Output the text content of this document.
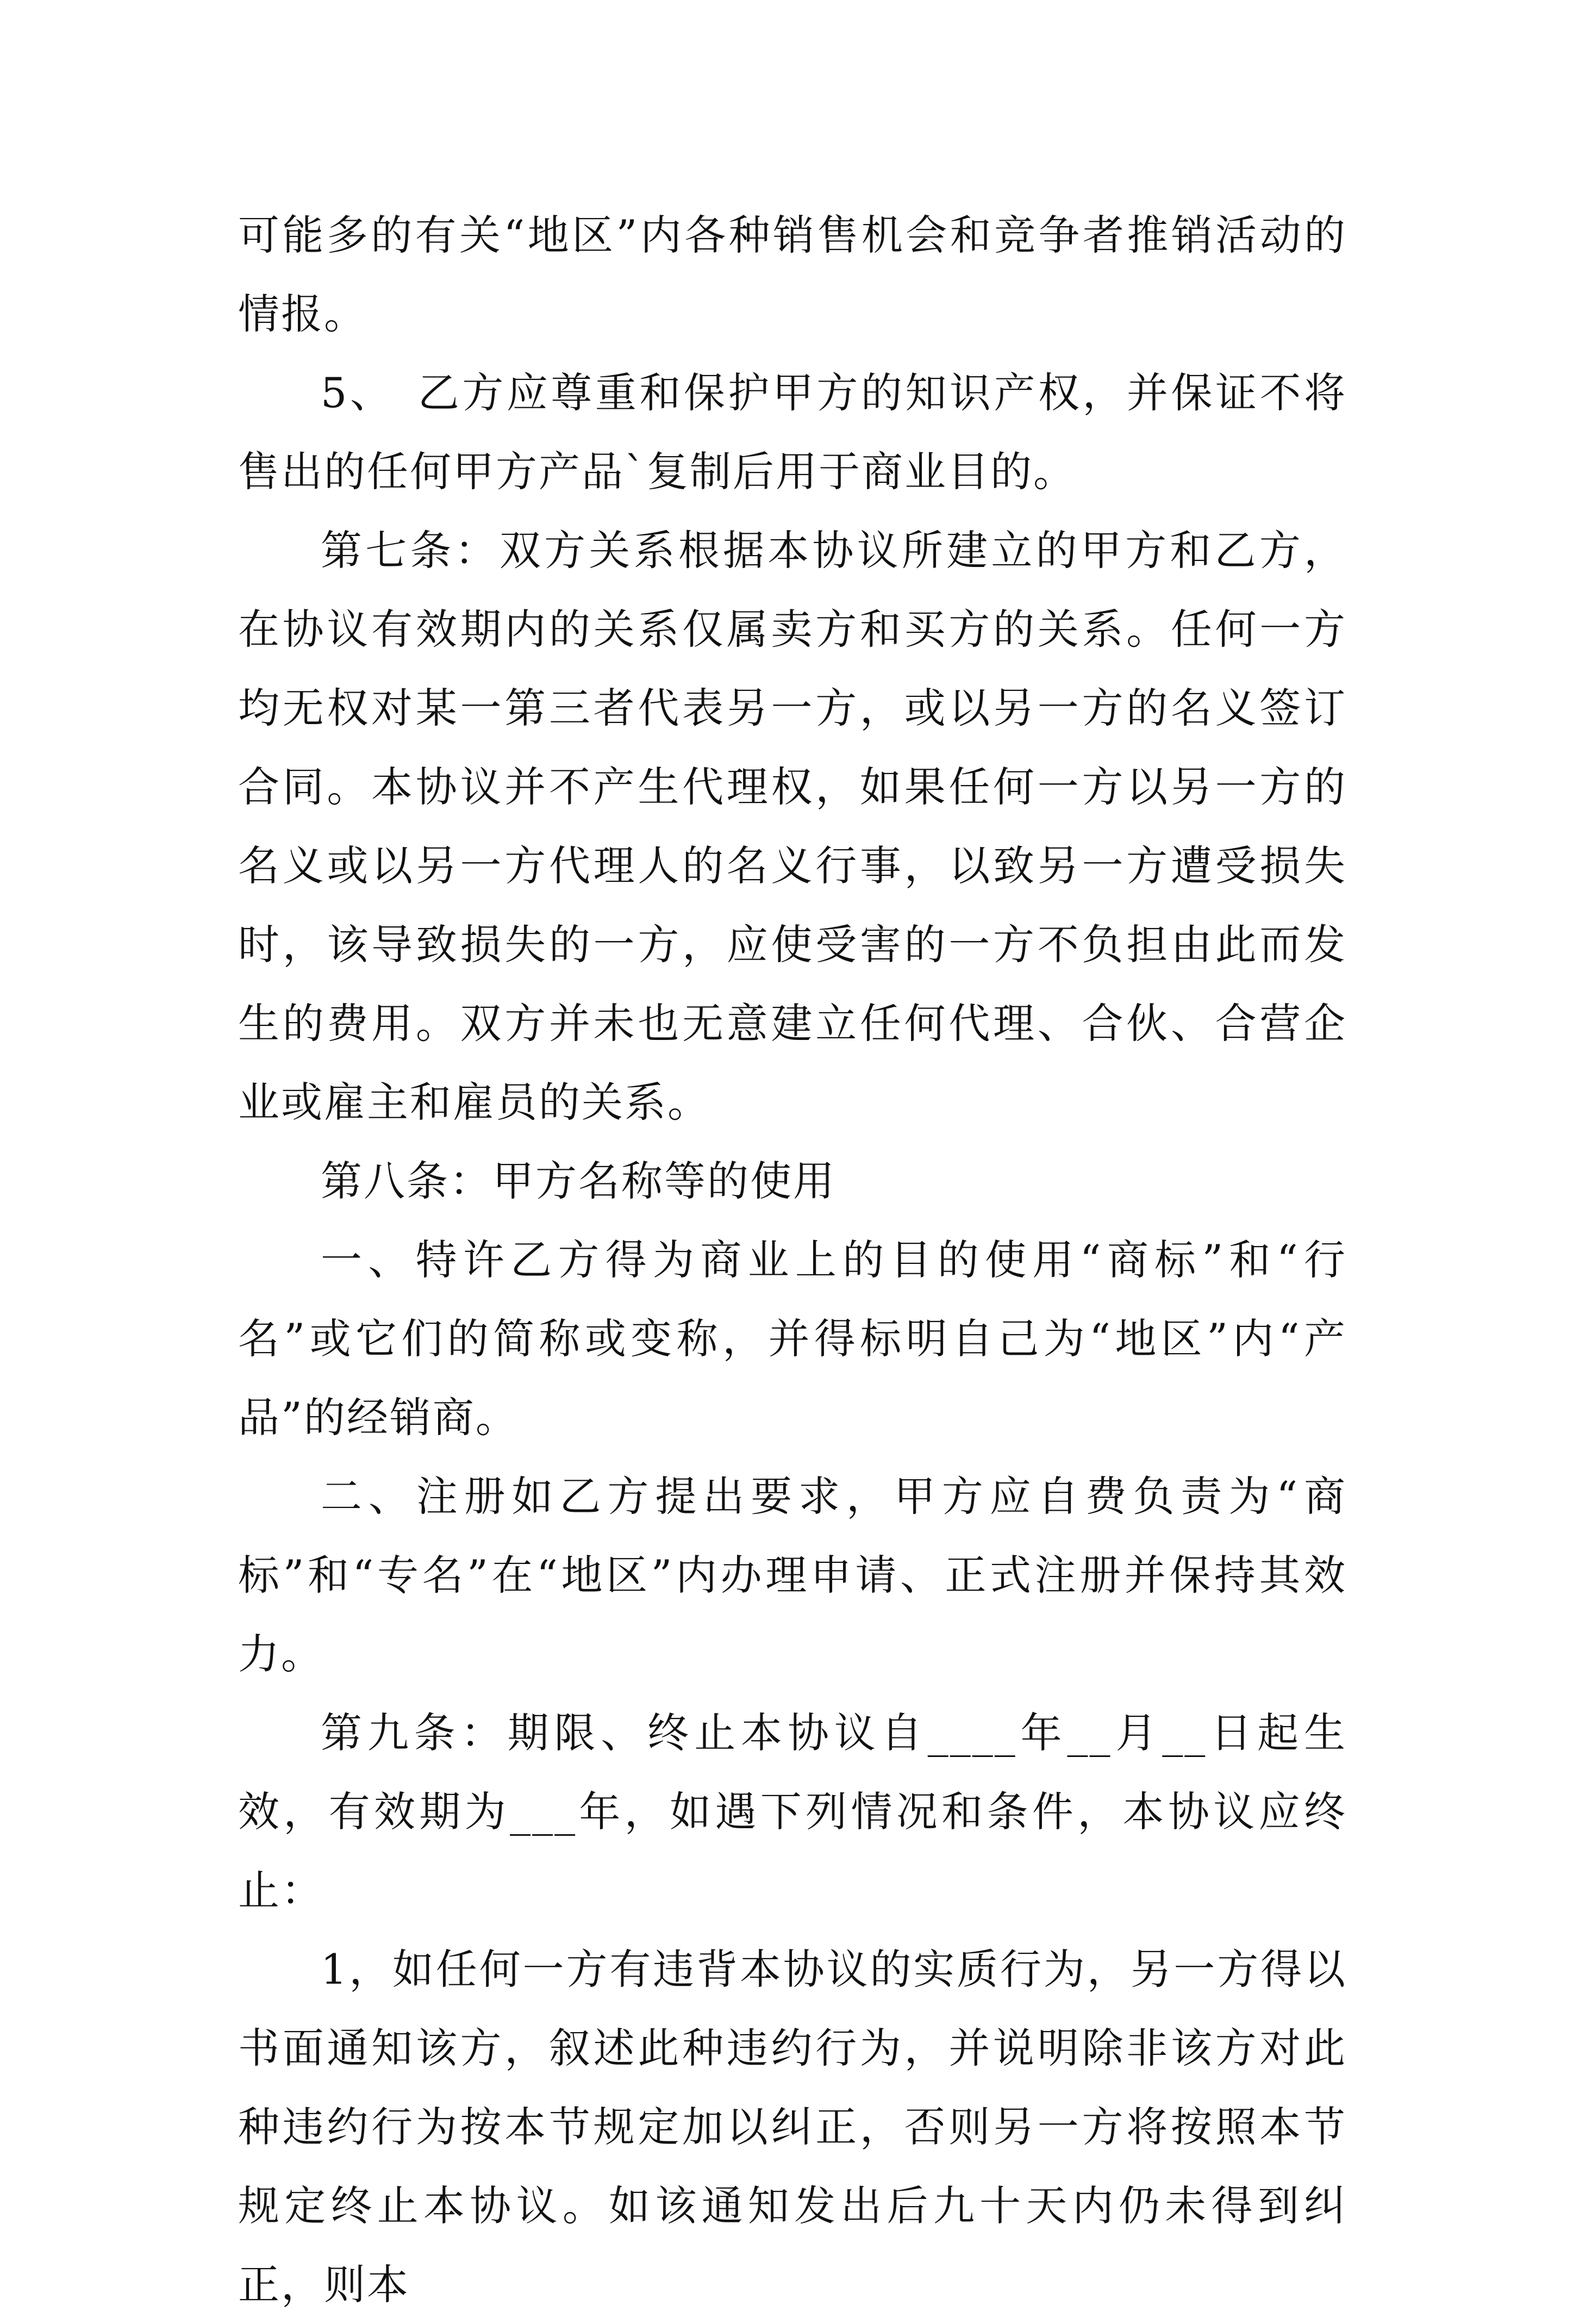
可能多的有关“地区”内各种销售机会和竞争者推销活动的情报。

5、　乙方应尊重和保护甲方的知识产权，并保证不将售出的任何甲方产品`复制后用于商业目的。

第七条：双方关系根据本协议所建立的甲方和乙方，在协议有效期内的关系仅属卖方和买方的关系。任何一方均无权对某一第三者代表另一方，或以另一方的名义签订合同。本协议并不产生代理权，如果任何一方以另一方的名义或以另一方代理人的名义行事，以致另一方遭受损失时，该导致损失的一方，应使受害的一方不负担由此而发生的费用。双方并未也无意建立任何代理、合伙、合营企业或雇主和雇员的关系。

第八条：甲方名称等的使用

一、特许乙方得为商业上的目的使用“商标”和“行名”或它们的简称或变称，并得标明自己为“地区”内“产品”的经销商。

二、注册如乙方提出要求，甲方应自费负责为“商标”和“专名”在“地区”内办理申请、正式注册并保持其效力。

第九条：期限、终止本协议自____年__月__日起生效，有效期为___年，如遇下列情况和条件，本协议应终止：

1，如任何一方有违背本协议的实质行为，另一方得以书面通知该方，叙述此种违约行为，并说明除非该方对此种违约行为按本节规定加以纠正，否则另一方将按照本节规定终止本协议。如该通知发出后九十天内仍未得到纠正，则本
